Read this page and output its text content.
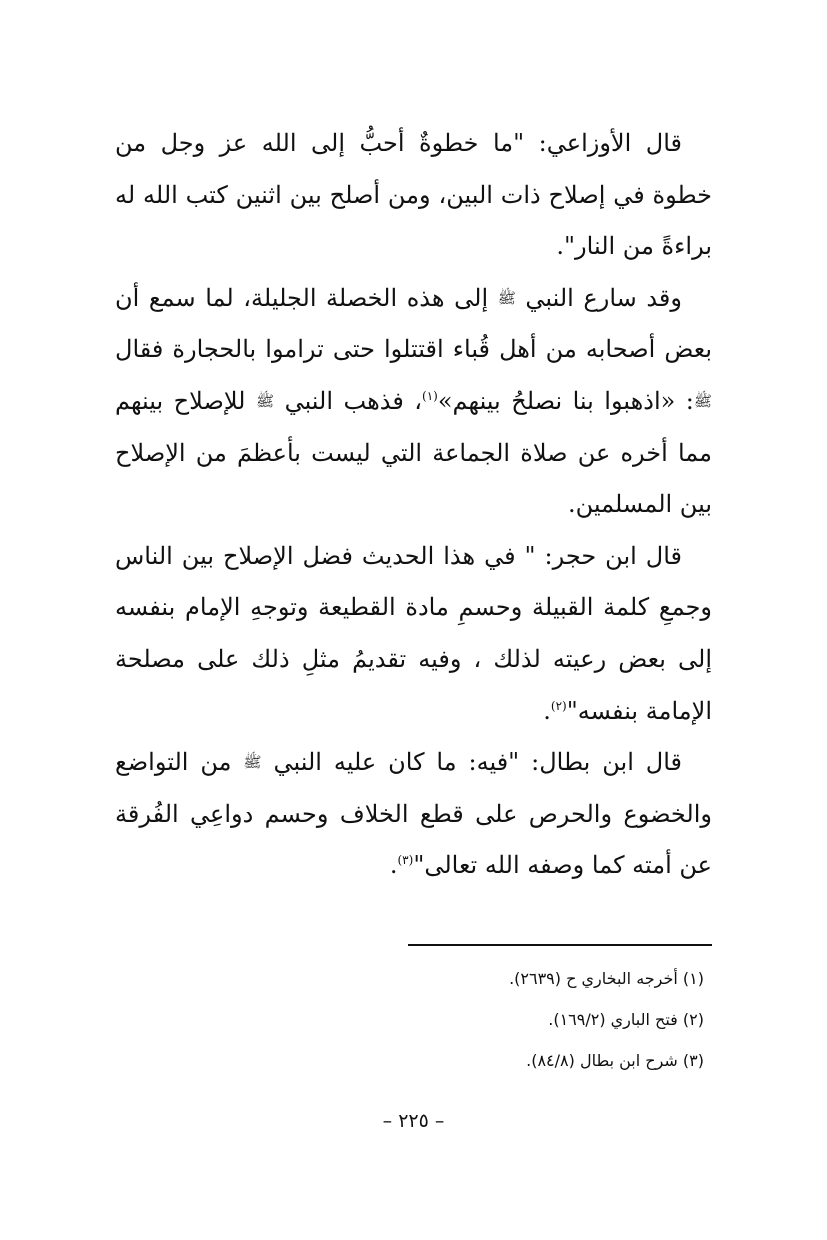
قال الأوزاعي: "ما خطوةٌ أحبُّ إلى الله عز وجل من خطوة في إصلاح ذات البين، ومن أصلح بين اثنين كتب الله له براءةً من النار".

وقد سارع النبي ﷺ إلى هذه الخصلة الجليلة، لما سمع أن بعض أصحابه من أهل قُباء اقتتلوا حتى تراموا بالحجارة فقال ﷺ: «اذهبوا بنا نصلحُ بينهم»$^{(١)}$، فذهب النبي ﷺ للإصلاح بينهم مما أخره عن صلاة الجماعة التي ليست بأعظمَ من الإصلاح بين المسلمين.

قال ابن حجر: " في هذا الحديث فضل الإصلاح بين الناس وجمعِ كلمة القبيلة وحسمِ مادة القطيعة وتوجهِ الإمام بنفسه إلى بعض رعيته لذلك ، وفيه تقديمُ مثلِ ذلك على مصلحة الإمامة بنفسه"$^{(٢)}$.

قال ابن بطال: "فيه: ما كان عليه النبي ﷺ من التواضع والخضوع والحرص على قطع الخلاف وحسم دواعِي الفُرقة عن أمته كما وصفه الله تعالى"$^{(٣)}$.

(١) أخرجه البخاري ح (٢٦٣٩).

(٢) فتح الباري (١٦٩/٢).

(٣) شرح ابن بطال (٨٤/٨).

– ٢٢٥ –
